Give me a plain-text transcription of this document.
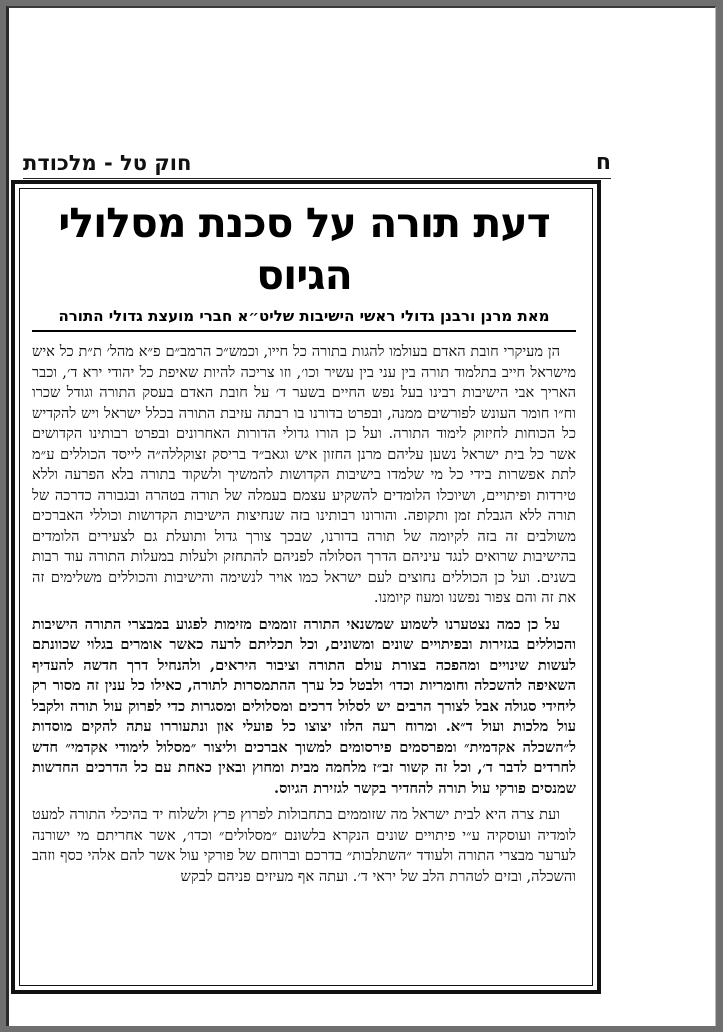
ח
חוק טל - מלכודת
דעת תורה על סכנת מסלולי הגיוס
מאת מרנן ורבנן גדולי ראשי הישיבות שליט״א חברי מועצת גדולי התורה

הן מעיקרי חובת האדם בעולמו להגות בתורה כל חייו, וכמש״כ הרמב״ם פ״א מהל׳ ת״ת כל איש מישראל חייב בתלמוד תורה בין עני בין עשיר וכו׳, וזו צריכה להיות שאיפת כל יהודי ירא ד׳, וכבר האריך אבי הישיבות רבינו בעל נפש החיים בשער ד׳ על חובת האדם בעסק התורה וגודל שכרו וח״ו חומר העונש לפורשים ממנה, ובפרט בדורנו בו רבתה עזיבת התורה בכלל ישראל ויש להקדיש כל הכוחות לחיזוק לימוד התורה. ועל כן הורו גדולי הדורות האחרונים ובפרט רבותינו הקדושים אשר כל בית ישראל נשען עליהם מרנן החזון איש וגאב״ד בריסק זצוקללה״ה לייסד הכוללים ע״מ לתת אפשרות בידי כל מי שלמדו בישיבות הקדושות להמשיך ולשקוד בתורה בלא הפרעה וללא טירדות ופיתויים, ושיוכלו הלומדים להשקיע עצמם בעמלה של תורה בטהרה ובגבורה כדרכה של תורה ללא הגבלת זמן ותקופה. והורונו רבותינו בזה שנחיצות הישיבות הקדושות וכוללי האברכים משולבים זה בזה לקיומה של תורה בדורנו, שבכך צורך גדול ותועלת גם לצעירים הלומדים בהישיבות שרואים לנגד עיניהם הדרך הסלולה לפניהם להתחזק ולעלות במעלות התורה עוד רבות בשנים. ועל כן הכוללים נחוצים לעם ישראל כמו אויר לנשימה והישיבות והכוללים משלימים זה את זה והם צפור נפשנו ומעוז קיומנו.

על כן כמה נצטערנו לשמוע שמשנאי התורה זוממים מזימות לפגוע במבצרי התורה הישיבות והכוללים בגזירות ובפיתויים שונים ומשונים, וכל תכליתם לרעה כאשר אומרים בגלוי שכוונתם לעשות שינויים ומהפכה בצורת עולם התורה וציבור היראים, ולהנחיל דרך חדשה להעדיף השאיפה להשכלה וחומריות וכדו׳ ולבטל כל ערך ההתמסרות לתורה, כאילו כל ענין זה מסור רק ליחידי סגולה אבל לצורך הרבים יש לסלול דרכים ומסלולים ומסגרות כדי לפרוק עול תורה ולקבל עול מלכות ועול ד״א. ומרוח רעה הלזו יצוצו כל פועלי און ונתעוררו עתה להקים מוסדות ל״השכלה אקדמית״ ומפרסמים פירסומים למשוך אברכים וליצור ״מסלול לימודי אקדמי״ חדש לחרדים לדבר ד׳, וכל זה קשור זב״ז מלחמה מבית ומחוץ ובאין כאחת עם כל הדרכים החדשות שמנסים פורקי עול תורה להחדיר בקשר לגזירת הגיוס.

ועת צרה היא לבית ישראל מה שזוממים בתחבולות לפרוץ פרץ ולשלוח יד בהיכלי התורה למעט לומדיה ועוסקיה ע״י פיתויים שונים הנקרא בלשונם ״מסלולים״ וכדו׳, אשר אחריתם מי ישורנה לערער מבצרי התורה ולעודד ״השתלבות״ בדרכם וברוחם של פורקי עול אשר להם אלהי כסף וזהב והשכלה, ובזים לטהרת הלב של יראי ד׳. ועתה אף מעיזים פניהם לבקש
